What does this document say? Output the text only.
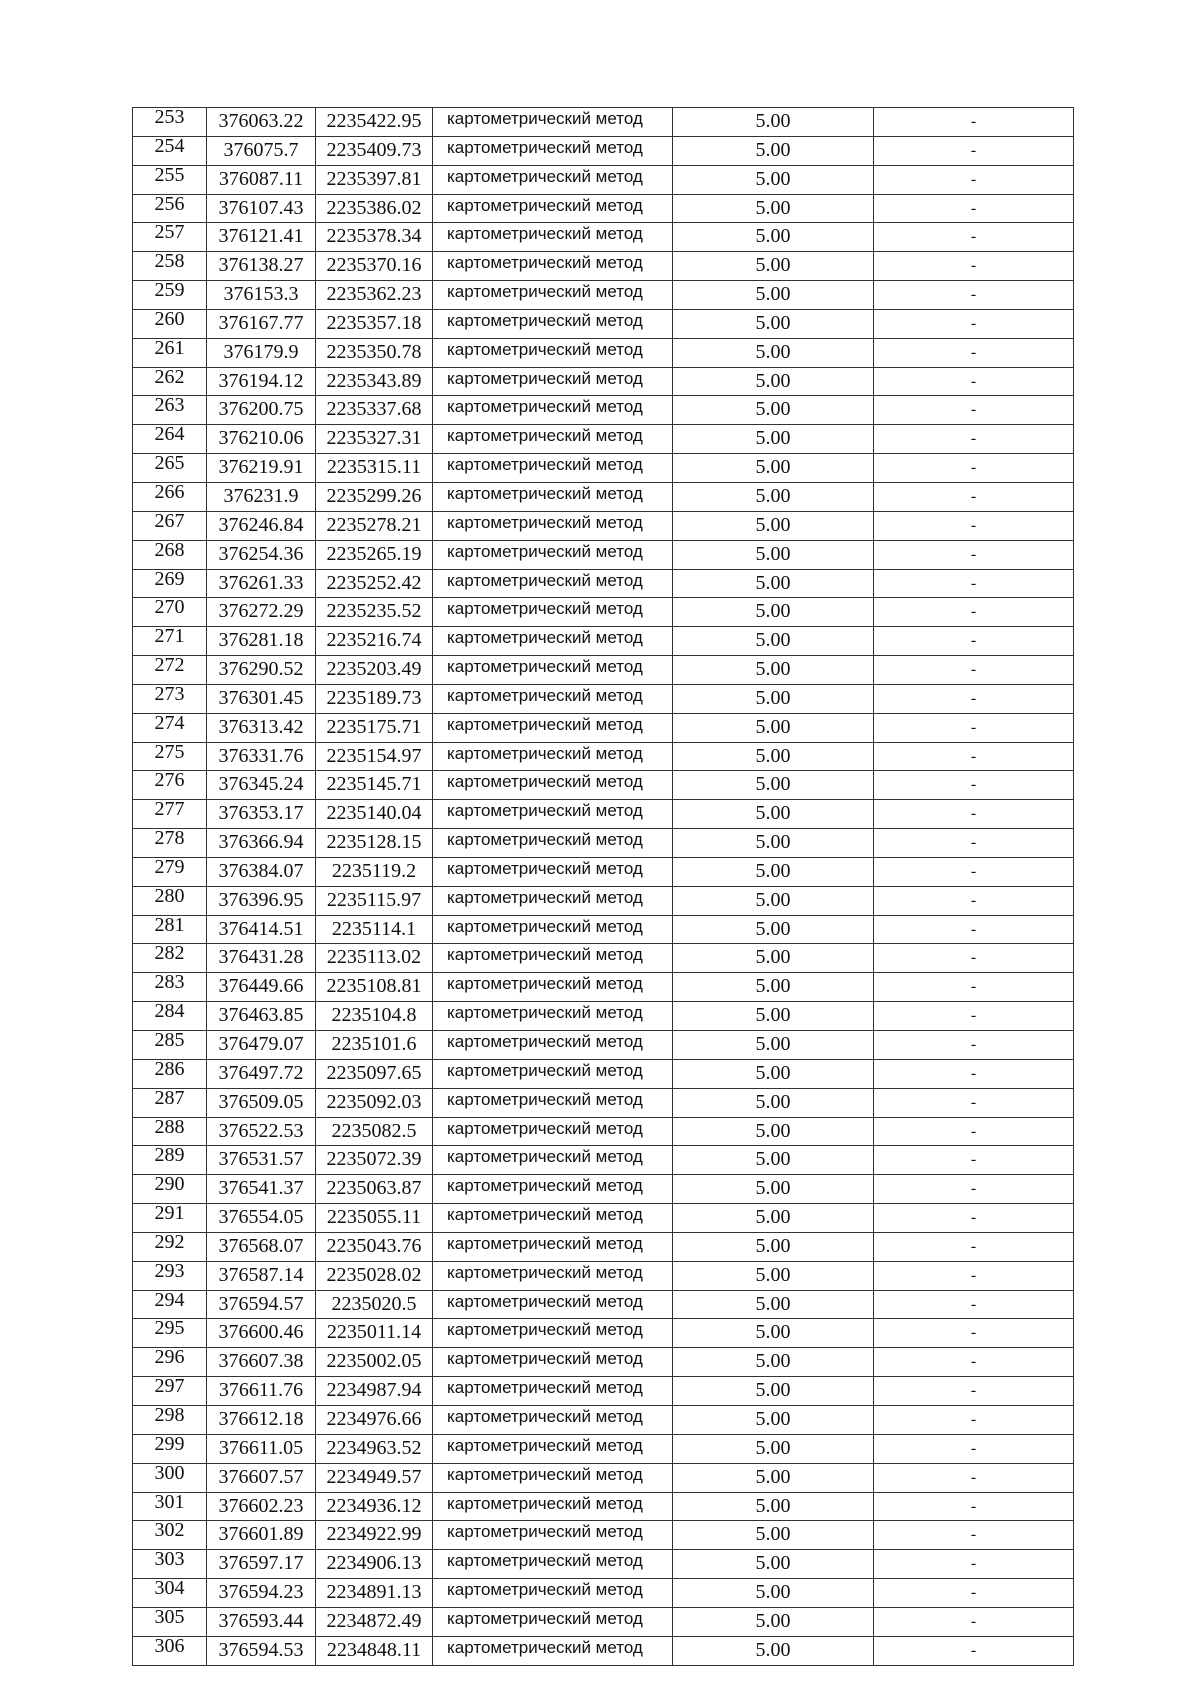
253	376063.22	2235422.95	картометрический метод	5.00	-
254	376075.7	2235409.73	картометрический метод	5.00	-
255	376087.11	2235397.81	картометрический метод	5.00	-
256	376107.43	2235386.02	картометрический метод	5.00	-
257	376121.41	2235378.34	картометрический метод	5.00	-
258	376138.27	2235370.16	картометрический метод	5.00	-
259	376153.3	2235362.23	картометрический метод	5.00	-
260	376167.77	2235357.18	картометрический метод	5.00	-
261	376179.9	2235350.78	картометрический метод	5.00	-
262	376194.12	2235343.89	картометрический метод	5.00	-
263	376200.75	2235337.68	картометрический метод	5.00	-
264	376210.06	2235327.31	картометрический метод	5.00	-
265	376219.91	2235315.11	картометрический метод	5.00	-
266	376231.9	2235299.26	картометрический метод	5.00	-
267	376246.84	2235278.21	картометрический метод	5.00	-
268	376254.36	2235265.19	картометрический метод	5.00	-
269	376261.33	2235252.42	картометрический метод	5.00	-
270	376272.29	2235235.52	картометрический метод	5.00	-
271	376281.18	2235216.74	картометрический метод	5.00	-
272	376290.52	2235203.49	картометрический метод	5.00	-
273	376301.45	2235189.73	картометрический метод	5.00	-
274	376313.42	2235175.71	картометрический метод	5.00	-
275	376331.76	2235154.97	картометрический метод	5.00	-
276	376345.24	2235145.71	картометрический метод	5.00	-
277	376353.17	2235140.04	картометрический метод	5.00	-
278	376366.94	2235128.15	картометрический метод	5.00	-
279	376384.07	2235119.2	картометрический метод	5.00	-
280	376396.95	2235115.97	картометрический метод	5.00	-
281	376414.51	2235114.1	картометрический метод	5.00	-
282	376431.28	2235113.02	картометрический метод	5.00	-
283	376449.66	2235108.81	картометрический метод	5.00	-
284	376463.85	2235104.8	картометрический метод	5.00	-
285	376479.07	2235101.6	картометрический метод	5.00	-
286	376497.72	2235097.65	картометрический метод	5.00	-
287	376509.05	2235092.03	картометрический метод	5.00	-
288	376522.53	2235082.5	картометрический метод	5.00	-
289	376531.57	2235072.39	картометрический метод	5.00	-
290	376541.37	2235063.87	картометрический метод	5.00	-
291	376554.05	2235055.11	картометрический метод	5.00	-
292	376568.07	2235043.76	картометрический метод	5.00	-
293	376587.14	2235028.02	картометрический метод	5.00	-
294	376594.57	2235020.5	картометрический метод	5.00	-
295	376600.46	2235011.14	картометрический метод	5.00	-
296	376607.38	2235002.05	картометрический метод	5.00	-
297	376611.76	2234987.94	картометрический метод	5.00	-
298	376612.18	2234976.66	картометрический метод	5.00	-
299	376611.05	2234963.52	картометрический метод	5.00	-
300	376607.57	2234949.57	картометрический метод	5.00	-
301	376602.23	2234936.12	картометрический метод	5.00	-
302	376601.89	2234922.99	картометрический метод	5.00	-
303	376597.17	2234906.13	картометрический метод	5.00	-
304	376594.23	2234891.13	картометрический метод	5.00	-
305	376593.44	2234872.49	картометрический метод	5.00	-
306	376594.53	2234848.11	картометрический метод	5.00	-
